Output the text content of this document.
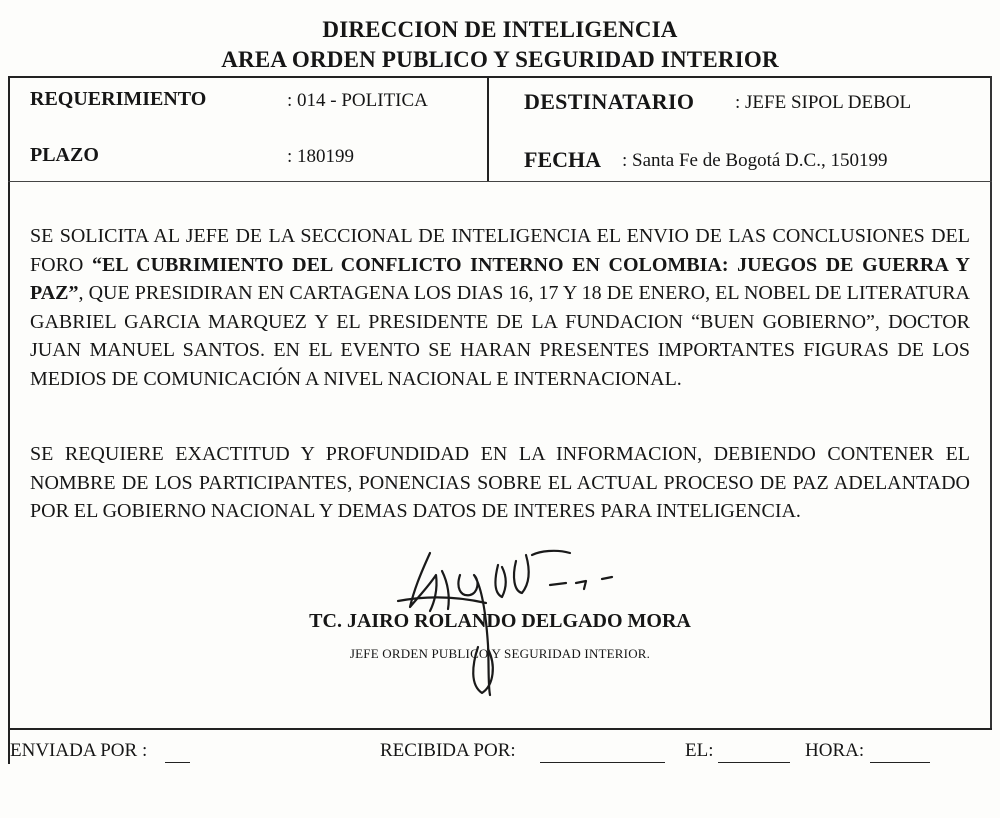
DIRECCION DE INTELIGENCIA
AREA ORDEN PUBLICO Y SEGURIDAD INTERIOR
REQUERIMIENTO	: 014 - POLITICA
PLAZO	: 180199
DESTINATARIO : JEFE SIPOL DEBOL
FECHA : Santa Fe de Bogotá D.C., 150199
SE SOLICITA AL JEFE DE LA SECCIONAL DE INTELIGENCIA EL ENVIO DE LAS CONCLUSIONES DEL FORO “EL CUBRIMIENTO DEL CONFLICTO INTERNO EN COLOMBIA: JUEGOS DE GUERRA Y PAZ”, QUE PRESIDIRAN EN CARTAGENA LOS DIAS 16, 17 Y 18 DE ENERO, EL NOBEL DE LITERATURA GABRIEL GARCIA MARQUEZ Y EL PRESIDENTE DE LA FUNDACION “BUEN GOBIERNO”, DOCTOR JUAN MANUEL SANTOS. EN EL EVENTO SE HARAN PRESENTES IMPORTANTES FIGURAS DE LOS MEDIOS DE COMUNICACIÓN A NIVEL NACIONAL E INTERNACIONAL.
SE REQUIERE EXACTITUD Y PROFUNDIDAD EN LA INFORMACION, DEBIENDO CONTENER EL NOMBRE DE LOS PARTICIPANTES, PONENCIAS SOBRE EL ACTUAL PROCESO DE PAZ ADELANTADO POR EL GOBIERNO NACIONAL Y DEMAS DATOS DE INTERES PARA INTELIGENCIA.
TC. JAIRO ROLANDO DELGADO MORA
JEFE ORDEN PUBLICO Y SEGURIDAD INTERIOR.
ENVIADA POR :	RECIBIDA POR:	EL:	HORA:
